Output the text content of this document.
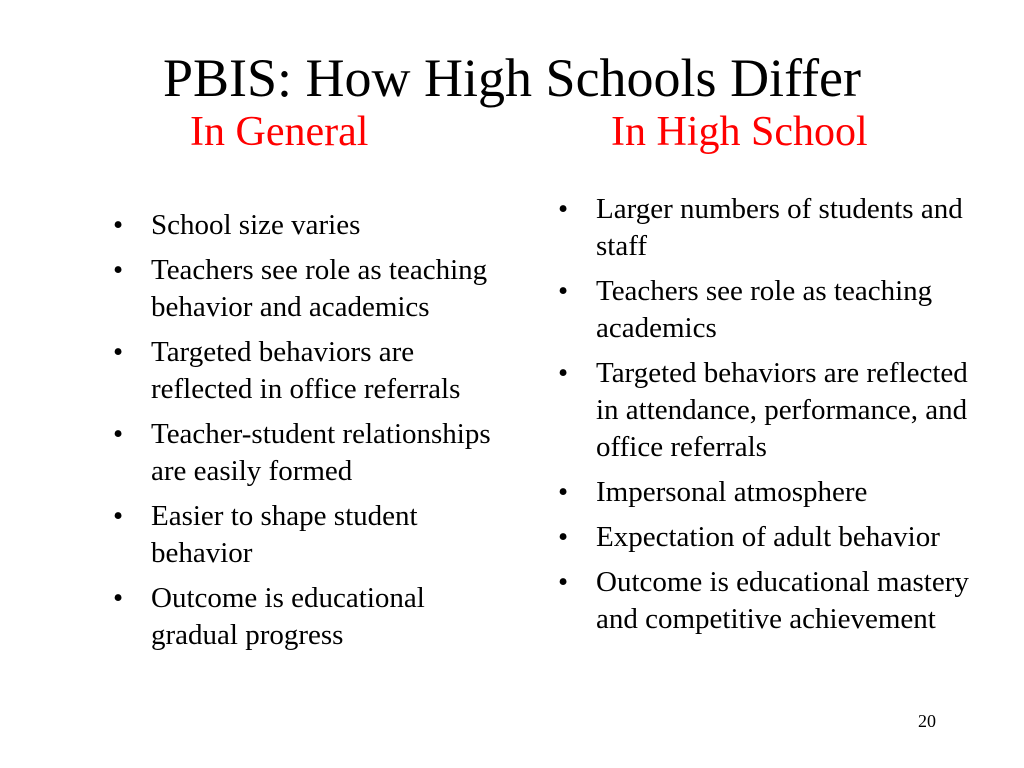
PBIS: How High Schools Differ
In General	In High School
• School size varies
• Teachers see role as teaching behavior and academics
• Targeted behaviors are reflected in office referrals
• Teacher-student relationships are easily formed
• Easier to shape student behavior
• Outcome is educational gradual progress
• Larger numbers of students and staff
• Teachers see role as teaching academics
• Targeted behaviors are reflected in attendance, performance, and office referrals
• Impersonal atmosphere
• Expectation of adult behavior
• Outcome is educational mastery and competitive achievement
20
